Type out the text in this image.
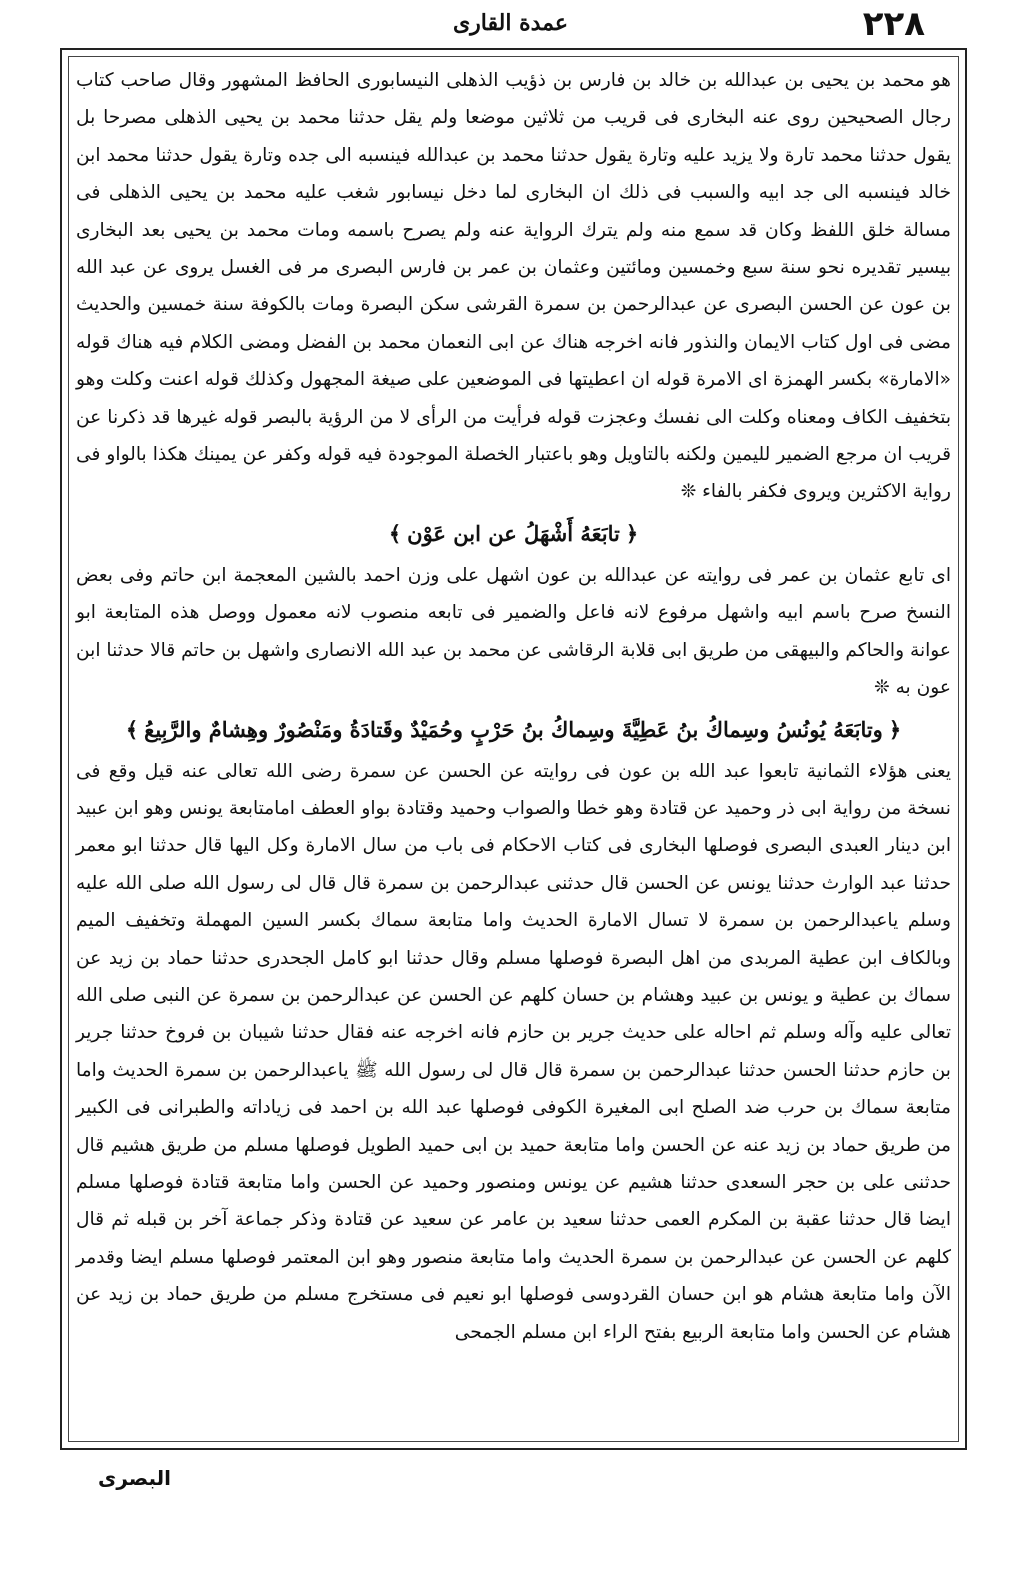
٢٢٨
عمدة القارى

هو محمد بن يحيى بن عبدالله بن خالد بن فارس بن ذؤيب الذهلى النيسابورى الحافظ المشهور وقال صاحب كتاب رجال الصحيحين روى عنه البخارى فى قريب من ثلاثين موضعا ولم يقل حدثنا محمد بن يحيى الذهلى مصرحا بل يقول حدثنا محمد تارة ولا يزيد عليه وتارة يقول حدثنا محمد بن عبدالله فينسبه الى جده وتارة يقول حدثنا محمد ابن خالد فينسبه الى جد ابيه والسبب فى ذلك ان البخارى لما دخل نيسابور شغب عليه محمد بن يحيى الذهلى فى مسالة خلق اللفظ وكان قد سمع منه ولم يترك الرواية عنه ولم يصرح باسمه ومات محمد بن يحيى بعد البخارى بيسير تقديره نحو سنة سبع وخمسين ومائتين وعثمان بن عمر بن فارس البصرى مر فى الغسل يروى عن عبد الله بن عون عن الحسن البصرى عن عبدالرحمن بن سمرة القرشى سكن البصرة ومات بالكوفة سنة خمسين والحديث مضى فى اول كتاب الايمان والنذور فانه اخرجه هناك عن ابى النعمان محمد بن الفضل ومضى الكلام فيه هناك قوله «الامارة» بكسر الهمزة اى الامرة قوله ان اعطيتها فى الموضعين على صيغة المجهول وكذلك قوله اعنت وكلت وهو بتخفيف الكاف ومعناه وكلت الى نفسك وعجزت قوله فرأيت من الرأى لا من الرؤية بالبصر قوله غيرها قد ذكرنا عن قريب ان مرجع الضمير لليمين ولكنه بالتاويل وهو باعتبار الخصلة الموجودة فيه قوله وكفر عن يمينك هكذا بالواو فى رواية الاكثرين ويروى فكفر بالفاء ❊

﴿تابَعَهُ أَشْهَلُ عن ابن عَوْن﴾

اى تابع عثمان بن عمر فى روايته عن عبدالله بن عون اشهل على وزن احمد بالشين المعجمة ابن حاتم وفى بعض النسخ صرح باسم ابيه واشهل مرفوع لانه فاعل والضمير فى تابعه منصوب لانه معمول ووصل هذه المتابعة ابو عوانة والحاكم والبيهقى من طريق ابى قلابة الرقاشى عن محمد بن عبد الله الانصارى واشهل بن حاتم قالا حدثنا ابن عون به ❊

﴿وتابَعَهُ يُونُسُ وسِماكُ بنُ عَطِيَّةَ وسِماكُ بنُ حَرْبٍ وحُمَيْدٌ وقَتادَةُ ومَنْصُورٌ وهِشامٌ والرَّبِيعُ﴾

يعنى هؤلاء الثمانية تابعوا عبد الله بن عون فى روايته عن الحسن عن سمرة رضى الله تعالى عنه قيل وقع فى نسخة من رواية ابى ذر وحميد عن قتادة وهو خطا والصواب وحميد وقتادة بواو العطف امامتابعة يونس وهو ابن عبيد ابن دينار العبدى البصرى فوصلها البخارى فى كتاب الاحكام فى باب من سال الامارة وكل اليها قال حدثنا ابو معمر حدثنا عبد الوارث حدثنا يونس عن الحسن قال حدثنى عبدالرحمن بن سمرة قال قال لى رسول الله صلى الله عليه وسلم ياعبدالرحمن بن سمرة لا تسال الامارة الحديث واما متابعة سماك بكسر السين المهملة وتخفيف الميم وبالكاف ابن عطية المربدى من اهل البصرة فوصلها مسلم وقال حدثنا ابو كامل الجحدرى حدثنا حماد بن زيد عن سماك بن عطية و يونس بن عبيد وهشام بن حسان كلهم عن الحسن عن عبدالرحمن بن سمرة عن النبى صلى الله تعالى عليه وآله وسلم ثم احاله على حديث جرير بن حازم فانه اخرجه عنه فقال حدثنا شيبان بن فروخ حدثنا جرير بن حازم حدثنا الحسن حدثنا عبدالرحمن بن سمرة قال قال لى رسول الله ﷺ ياعبدالرحمن بن سمرة الحديث واما متابعة سماك بن حرب ضد الصلح ابى المغيرة الكوفى فوصلها عبد الله بن احمد فى زياداته والطبرانى فى الكبير من طريق حماد بن زيد عنه عن الحسن واما متابعة حميد بن ابى حميد الطويل فوصلها مسلم من طريق هشيم قال حدثنى على بن حجر السعدى حدثنا هشيم عن يونس ومنصور وحميد عن الحسن واما متابعة قتادة فوصلها مسلم ايضا قال حدثنا عقبة بن المكرم العمى حدثنا سعيد بن عامر عن سعيد عن قتادة وذكر جماعة آخر بن قبله ثم قال كلهم عن الحسن عن عبدالرحمن بن سمرة الحديث واما متابعة منصور وهو ابن المعتمر فوصلها مسلم ايضا وقدمر الآن واما متابعة هشام هو ابن حسان القردوسى فوصلها ابو نعيم فى مستخرج مسلم من طريق حماد بن زيد عن هشام عن الحسن واما متابعة الربيع بفتح الراء ابن مسلم الجمحى

البصرى
